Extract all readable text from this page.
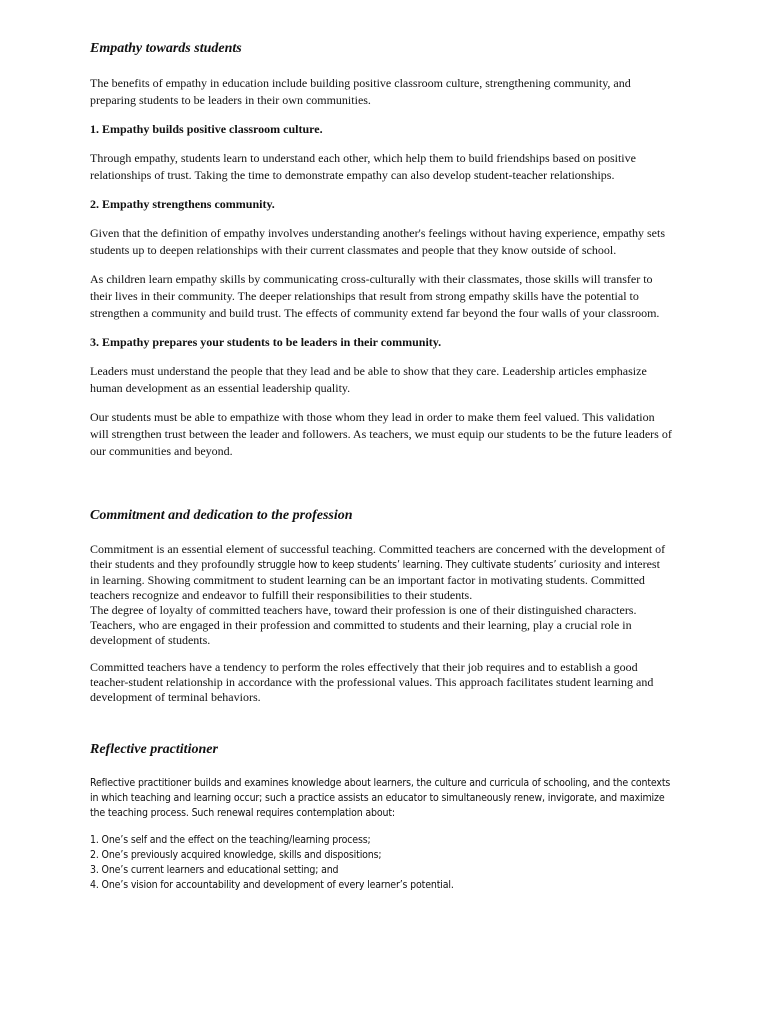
Empathy towards students

The benefits of empathy in education include building positive classroom culture, strengthening community, and preparing students to be leaders in their own communities.

1. Empathy builds positive classroom culture.

Through empathy, students learn to understand each other, which help them to build friendships based on positive relationships of trust. Taking the time to demonstrate empathy can also develop student-teacher relationships.

2. Empathy strengthens community.

Given that the definition of empathy involves understanding another's feelings without having experience, empathy sets students up to deepen relationships with their current classmates and people that they know outside of school.

As children learn empathy skills by communicating cross-culturally with their classmates, those skills will transfer to their lives in their community. The deeper relationships that result from strong empathy skills have the potential to strengthen a community and build trust. The effects of community extend far beyond the four walls of your classroom.

3. Empathy prepares your students to be leaders in their community.

Leaders must understand the people that they lead and be able to show that they care. Leadership articles emphasize human development as an essential leadership quality.

Our students must be able to empathize with those whom they lead in order to make them feel valued. This validation will strengthen trust between the leader and followers. As teachers, we must equip our students to be the future leaders of our communities and beyond.

Commitment and dedication to the profession
Commitment is an essential element of successful teaching. Committed teachers are concerned with the development of their students and they profoundly struggle how to keep students’ learning. They cultivate students’ curiosity and interest in learning. Showing commitment to student learning can be an important factor in motivating students. Committed teachers recognize and endeavor to fulfill their responsibilities to their students.
The degree of loyalty of committed teachers have, toward their profession is one of their distinguished characters. Teachers, who are engaged in their profession and committed to students and their learning, play a crucial role in development of students.
Committed teachers have a tendency to perform the roles effectively that their job requires and to establish a good teacher-student relationship in accordance with the professional values. This approach facilitates student learning and development of terminal behaviors.
Reflective practitioner
Reflective practitioner builds and examines knowledge about learners, the culture and curricula of schooling, and the contexts in which teaching and learning occur; such a practice assists an educator to simultaneously renew, invigorate, and maximize the teaching process. Such renewal requires contemplation about:
1. One’s self and the effect on the teaching/learning process;
2. One’s previously acquired knowledge, skills and dispositions;
3. One’s current learners and educational setting; and
4. One’s vision for accountability and development of every learner’s potential.
